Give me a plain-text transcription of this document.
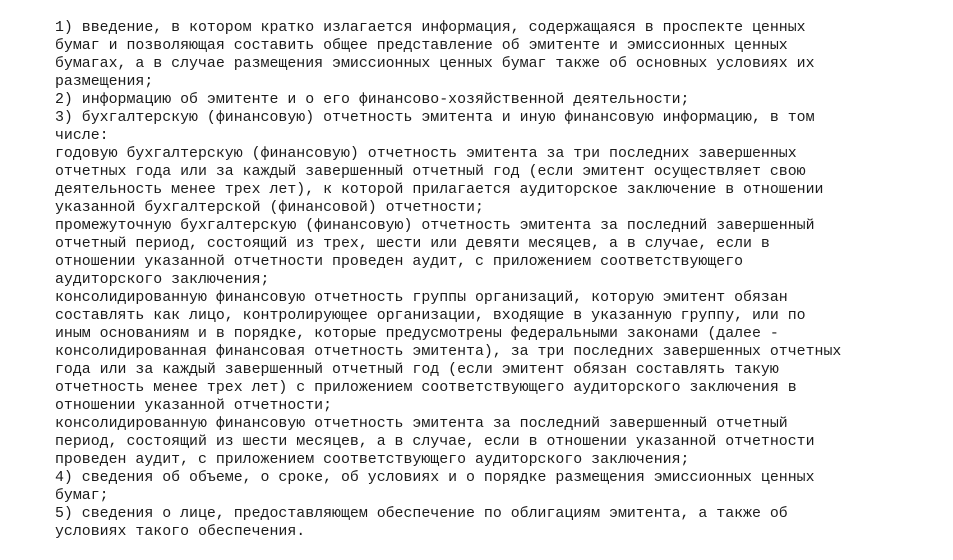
1) введение, в котором кратко излагается информация, содержащаяся в проспекте ценных
бумаг и позволяющая составить общее представление об эмитенте и эмиссионных ценных
бумагах, а в случае размещения эмиссионных ценных бумаг также об основных условиях их
размещения;
2) информацию об эмитенте и о его финансово-хозяйственной деятельности;
3) бухгалтерскую (финансовую) отчетность эмитента и иную финансовую информацию, в том
числе:
годовую бухгалтерскую (финансовую) отчетность эмитента за три последних завершенных
отчетных года или за каждый завершенный отчетный год (если эмитент осуществляет свою
деятельность менее трех лет), к которой прилагается аудиторское заключение в отношении
указанной бухгалтерской (финансовой) отчетности;
промежуточную бухгалтерскую (финансовую) отчетность эмитента за последний завершенный
отчетный период, состоящий из трех, шести или девяти месяцев, а в случае, если в
отношении указанной отчетности проведен аудит, с приложением соответствующего
аудиторского заключения;
консолидированную финансовую отчетность группы организаций, которую эмитент обязан
составлять как лицо, контролирующее организации, входящие в указанную группу, или по
иным основаниям и в порядке, которые предусмотрены федеральными законами (далее -
консолидированная финансовая отчетность эмитента), за три последних завершенных отчетных
года или за каждый завершенный отчетный год (если эмитент обязан составлять такую
отчетность менее трех лет) с приложением соответствующего аудиторского заключения в
отношении указанной отчетности;
консолидированную финансовую отчетность эмитента за последний завершенный отчетный
период, состоящий из шести месяцев, а в случае, если в отношении указанной отчетности
проведен аудит, с приложением соответствующего аудиторского заключения;
4) сведения об объеме, о сроке, об условиях и о порядке размещения эмиссионных ценных
бумаг;
5) сведения о лице, предоставляющем обеспечение по облигациям эмитента, а также об
условиях такого обеспечения.
